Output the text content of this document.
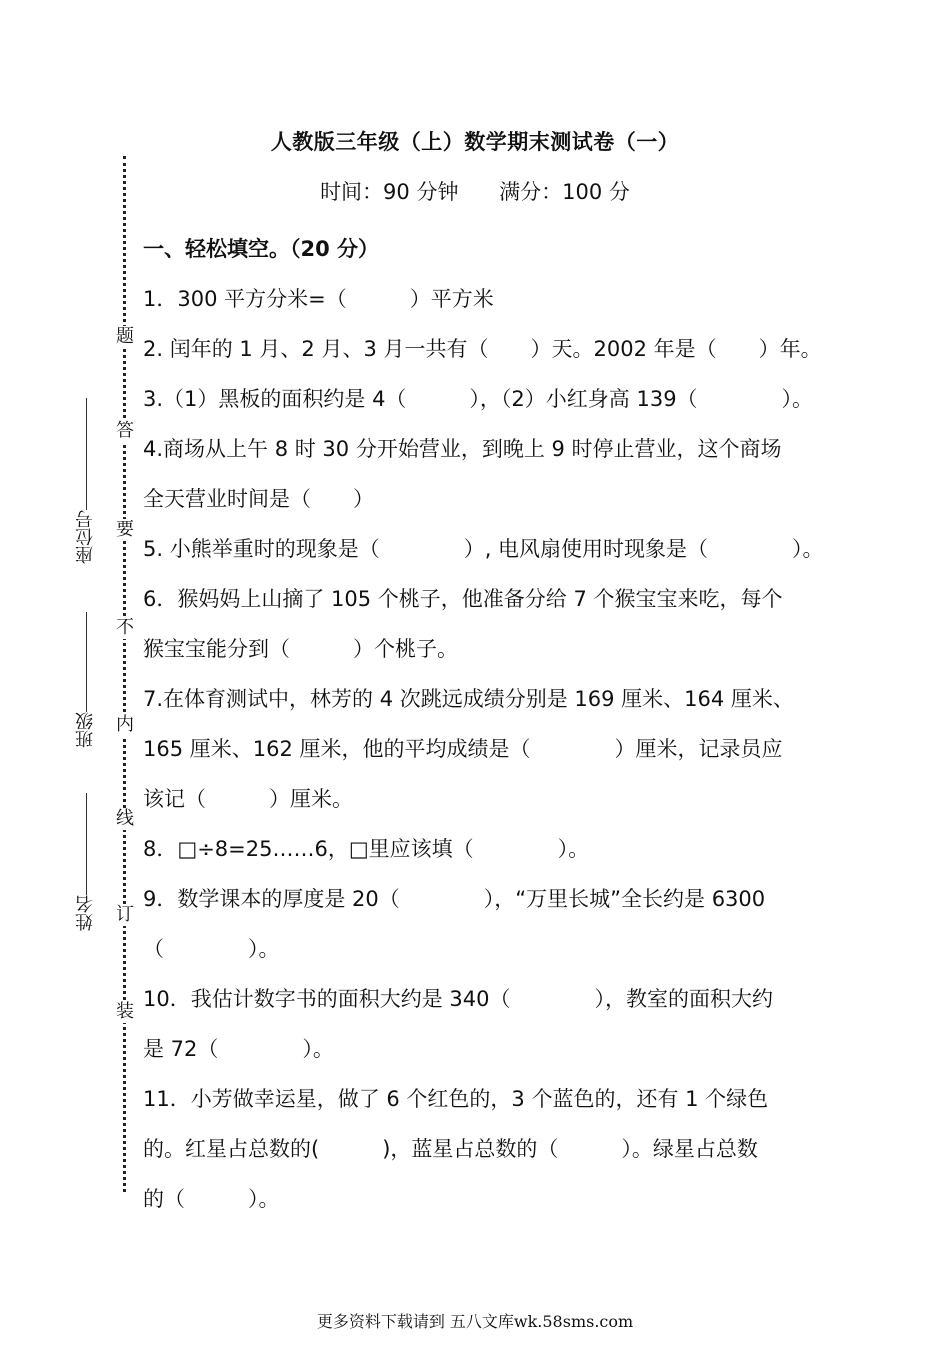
人教版三年级（上）数学期末测试卷（一）
时间：90 分钟 满分：100 分
一、轻松填空。（20 分）
1．300 平方分米=（　　　）平方米
2. 闰年的 1 月、2 月、3 月一共有（　　）天。2002 年是（　　）年。
3.（1）黑板的面积约是 4（　　　），（2）小红身高 139（　　　　）。
4.商场从上午 8 时 30 分开始营业，到晚上 9 时停止营业，这个商场
全天营业时间是（　　）
5. 小熊举重时的现象是（　　　　）, 电风扇使用时现象是（　　　　）。
6．猴妈妈上山摘了 105 个桃子，他准备分给 7 个猴宝宝来吃，每个
猴宝宝能分到（　　　）个桃子。
7.在体育测试中，林芳的 4 次跳远成绩分别是 169 厘米、164 厘米、
165 厘米、162 厘米，他的平均成绩是（　　　　）厘米，记录员应
该记（　　　）厘米。
8．□÷8=25……6，□里应该填（　　　　）。
9．数学课本的厚度是 20（　　　　），“万里长城”全长约是 6300
（　　　　）。
10．我估计数字书的面积大约是 340（　　　　），教室的面积大约
是 72（　　　　）。
11．小芳做幸运星，做了 6 个红色的，3 个蓝色的，还有 1 个绿色
的。红星占总数的(　　　)，蓝星占总数的（　　　）。绿星占总数
的（　　　）。
题
答
要
不
内
线
订
装
座位号
班级
姓名
更多资料下载请到 五八文库wk.58sms.com
